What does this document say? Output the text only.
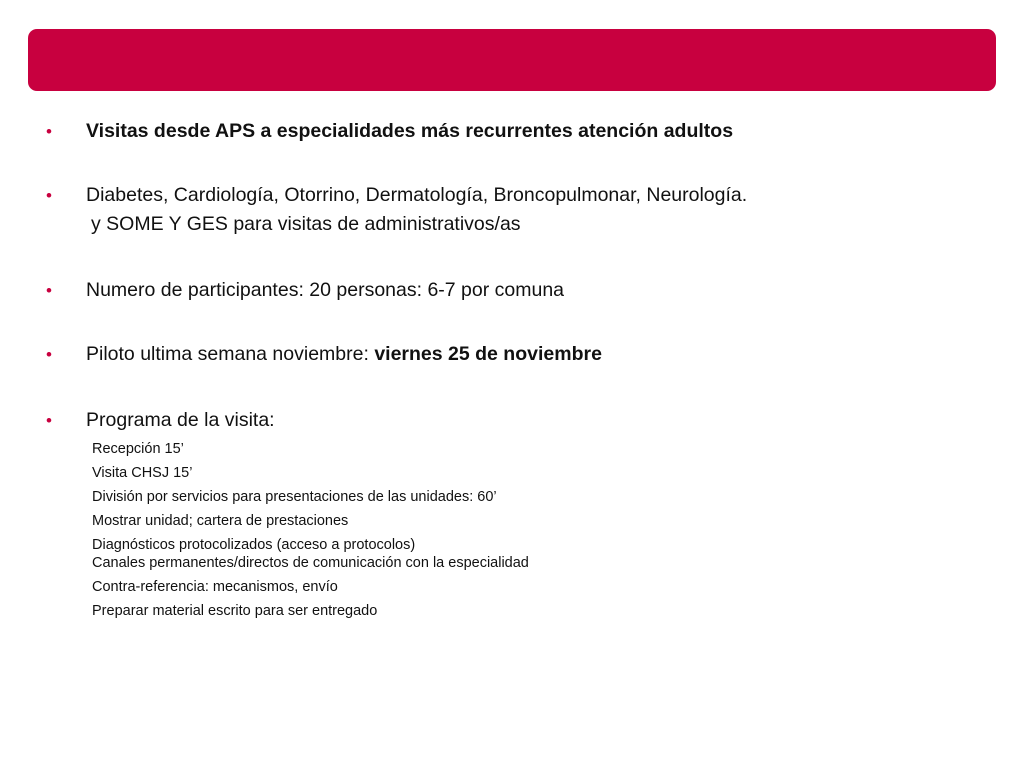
• Visitas desde APS a especialidades más recurrentes atención adultos
• Diabetes, Cardiología, Otorrino, Dermatología, Broncopulmonar, Neurología.
y SOME Y GES para visitas de administrativos/as
• Numero de participantes: 20 personas: 6-7 por comuna
• Piloto ultima semana noviembre: viernes 25 de noviembre
• Programa de la visita:
Recepción 15’
Visita CHSJ 15’
División por servicios para presentaciones de las unidades: 60’
Mostrar unidad; cartera de prestaciones
Diagnósticos protocolizados (acceso a protocolos)
Canales permanentes/directos de comunicación con la especialidad
Contra-referencia: mecanismos, envío
Preparar material escrito para ser entregado
